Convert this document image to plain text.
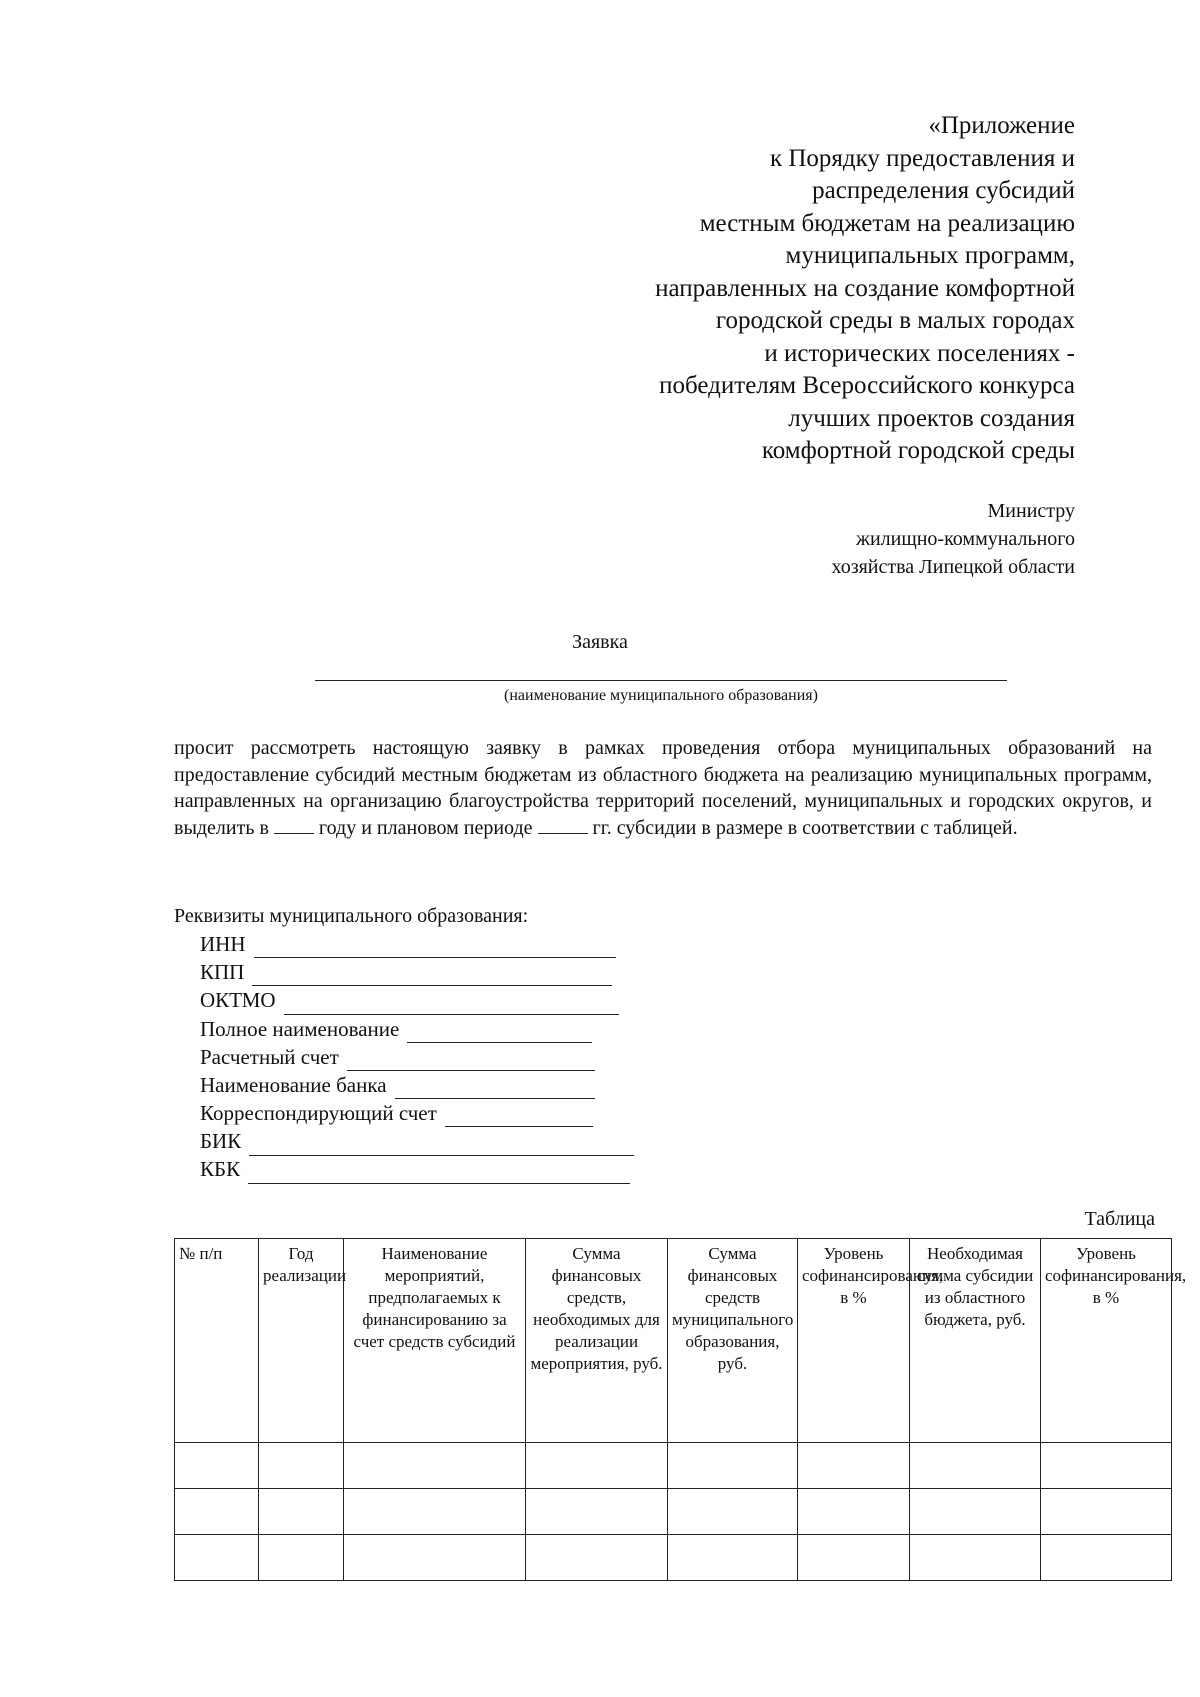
«Приложение
к Порядку предоставления и
распределения субсидий
местным бюджетам на реализацию
муниципальных программ,
направленных на создание комфортной
городской среды в малых городах
и исторических поселениях -
победителям Всероссийского конкурса
лучших проектов создания
комфортной городской среды
Министру
жилищно-коммунального
хозяйства Липецкой области
Заявка
(наименование муниципального образования)
просит рассмотреть настоящую заявку в рамках проведения отбора муниципальных образований на предоставление субсидий местным бюджетам из областного бюджета на реализацию муниципальных программ, направленных на организацию благоустройства территорий поселений, муниципальных и городских округов, и выделить в	году и плановом периоде	гг. субсидии в размере в соответствии с таблицей.
Реквизиты муниципального образования:
ИНН
КПП
ОКТМО
Полное наименование
Расчетный счет
Наименование банка
Корреспондирующий счет
БИК
КБК
Таблица
№ п/п	Год реализации	Наименование мероприятий, предполагаемых к финансированию за счет средств субсидий	Сумма финансовых средств, необходимых для реализации мероприятия, руб.	Сумма финансовых средств муниципального образования, руб.	Уровень софинансирования, в %	Необходимая сумма субсидии из областного бюджета, руб.	Уровень софинансирования, в %
